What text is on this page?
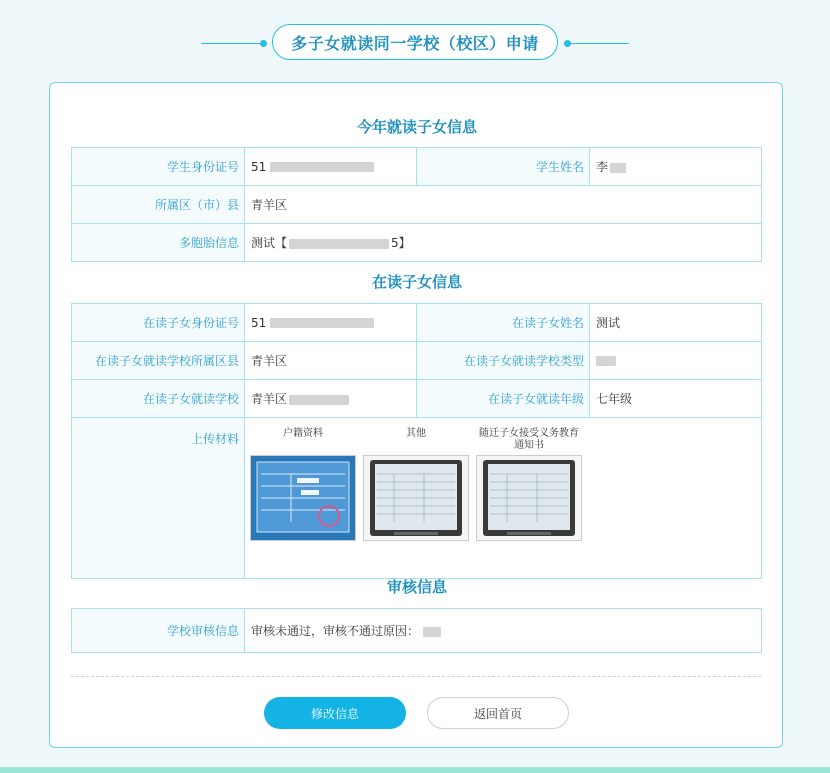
多子女就读同一学校（校区）申请
今年就读子女信息
学生身份证号	51	学生姓名	李
所属区（市）县	青羊区		
多胞胎信息	测试【 5】		
在读子女信息
在读子女身份证号	51	在读子女姓名	测试
在读子女就读学校所属区县	青羊区	在读子女就读学校类型	
在读子女就读学校	青羊区	在读子女就读年级	七年级
上传材料	户籍资料 其他 随迁子女接受义务教育通知书		
审核信息
学校审核信息	审核未通过，审核不通过原因：
修改信息	返回首页
